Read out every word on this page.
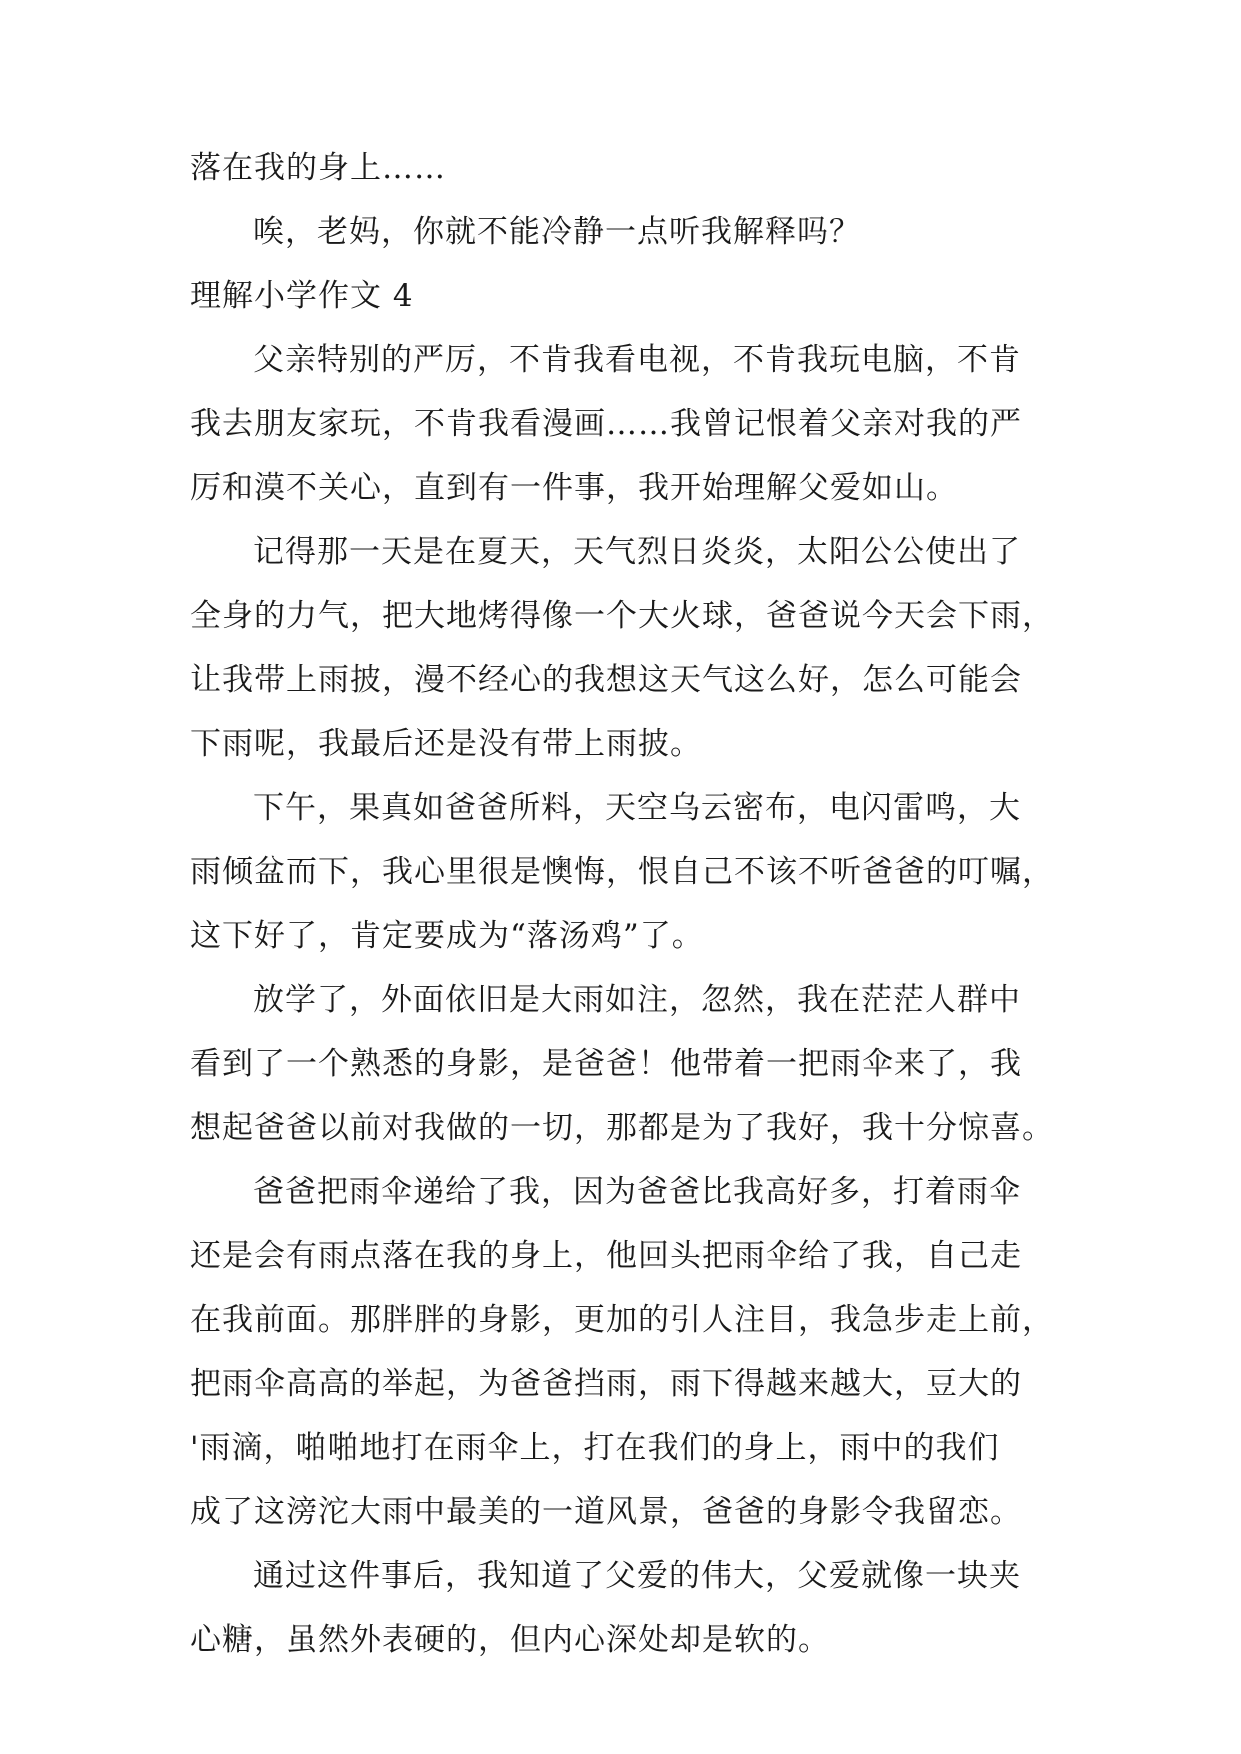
落在我的身上……
唉，老妈，你就不能冷静一点听我解释吗？
理解小学作文 4
父亲特别的严厉，不肯我看电视，不肯我玩电脑，不肯
我去朋友家玩，不肯我看漫画……我曾记恨着父亲对我的严
厉和漠不关心，直到有一件事，我开始理解父爱如山。
记得那一天是在夏天，天气烈日炎炎，太阳公公使出了
全身的力气，把大地烤得像一个大火球，爸爸说今天会下雨，
让我带上雨披，漫不经心的我想这天气这么好，怎么可能会
下雨呢，我最后还是没有带上雨披。
下午，果真如爸爸所料，天空乌云密布，电闪雷鸣，大
雨倾盆而下，我心里很是懊悔，恨自己不该不听爸爸的叮嘱，
这下好了，肯定要成为“落汤鸡”了。
放学了，外面依旧是大雨如注，忽然，我在茫茫人群中
看到了一个熟悉的身影，是爸爸！他带着一把雨伞来了，我
想起爸爸以前对我做的一切，那都是为了我好，我十分惊喜。
爸爸把雨伞递给了我，因为爸爸比我高好多，打着雨伞
还是会有雨点落在我的身上，他回头把雨伞给了我，自己走
在我前面。那胖胖的身影，更加的引人注目，我急步走上前，
把雨伞高高的举起，为爸爸挡雨，雨下得越来越大，豆大的
'雨滴，啪啪地打在雨伞上，打在我们的身上，雨中的我们
成了这滂沱大雨中最美的一道风景，爸爸的身影令我留恋。
通过这件事后，我知道了父爱的伟大，父爱就像一块夹
心糖，虽然外表硬的，但内心深处却是软的。
